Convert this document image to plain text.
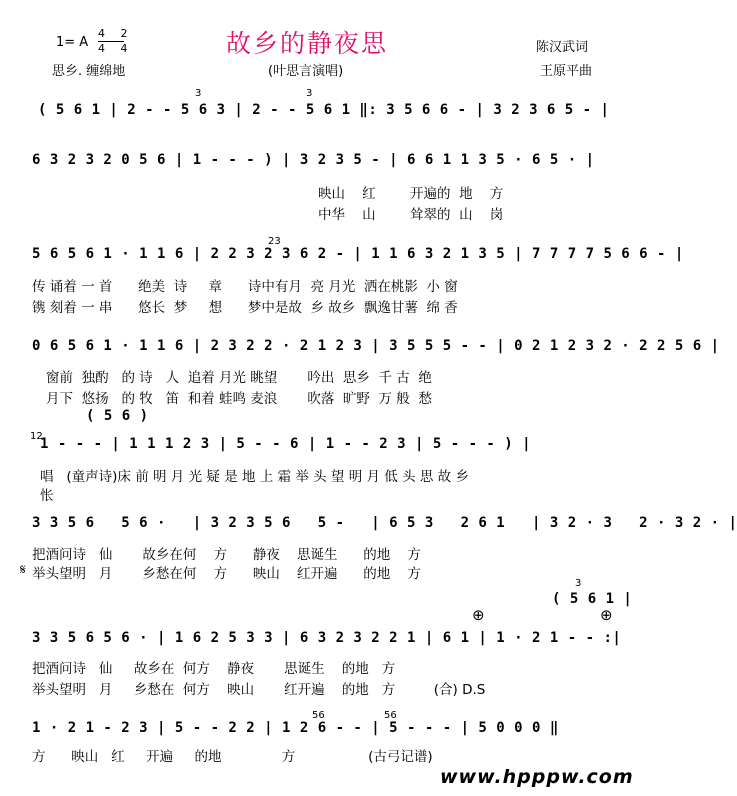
1= A
4 2
4 4	故乡的静夜思	陈汉武词
思乡. 缠绵地	(叶思言演唱)	王原平曲
3	3
( 5 6 1 | 2 - - 5 6 3 | 2 - - 5 6 1 ‖: 3 5 6 6 - | 3 2 3 6 5 - |
6 3 2 3 2 0 5 6 | 1 - - - ) | 3 2 3 5 - | 6 6 1 1 3 5 · 6 5 · |
映山    红        开遍的  地    方
中华    山        耸翠的  山    岗
23
5 6 5 6 1 · 1 1 6 | 2 2 3 2 3 6 2 - | 1 1 6 3 2 1 3 5 | 7 7 7 7 5 6 6 - |
传 诵着 一 首      绝美  诗     章      诗中有月  亮 月光  洒在桃影  小 窗
镌 刻着 一 串      悠长  梦     想      梦中是故  乡 故乡  飘逸甘薯  绵 香
0 6 5 6 1 · 1 1 6 | 2 3 2 2 · 2 1 2 3 | 3 5 5 5 - - | 0 2 1 2 3 2 · 2 2 5 6 |
窗前  独酌   的 诗   人  追着 月光 眺望       吟出  思乡  千 古  绝
月下  悠扬   的 牧   笛  和着 蛙鸣 麦浪       吹落  旷野  万 般  愁
( 5 6 )
12
1 - - - | 1 1 1 2 3 | 5 - - 6 | 1 - - 2 3 | 5 - - - ) |
唱   (童声诗)床 前 明 月 光 疑 是 地 上 霜 举 头 望 明 月 低 头 思 故 乡
怅
3 3 5 6   5 6 ·   | 3 2 3 5 6   5 -   | 6 5 3   2 6 1   | 3 2 · 3   2 · 3 2 · |
把酒问诗   仙       故乡在何    方      静夜    思诞生      的地    方
𝄋 举头望明   月       乡愁在何    方      映山    红开遍      的地    方
3
( 5 6 1 |
⊕	⊕
3 3 5 6 5 6 · | 1 6 2 5 3 3 | 6 3 2 3 2 2 1 | 6 1 | 1 · 2 1 - - :|
把酒问诗   仙     故乡在  何方    静夜       思诞生    的地   方
举头望明   月     乡愁在  何方    映山       红开遍    的地   方         (合) D.S
56	56
1 · 2 1 - 2 3 | 5 - - 2 2 | 1 2 6 - - | 5 - - - | 5 0 0 0 ‖
方      映山   红     开遍     的地              方                 (古弓记谱)
www.hpppw.com
